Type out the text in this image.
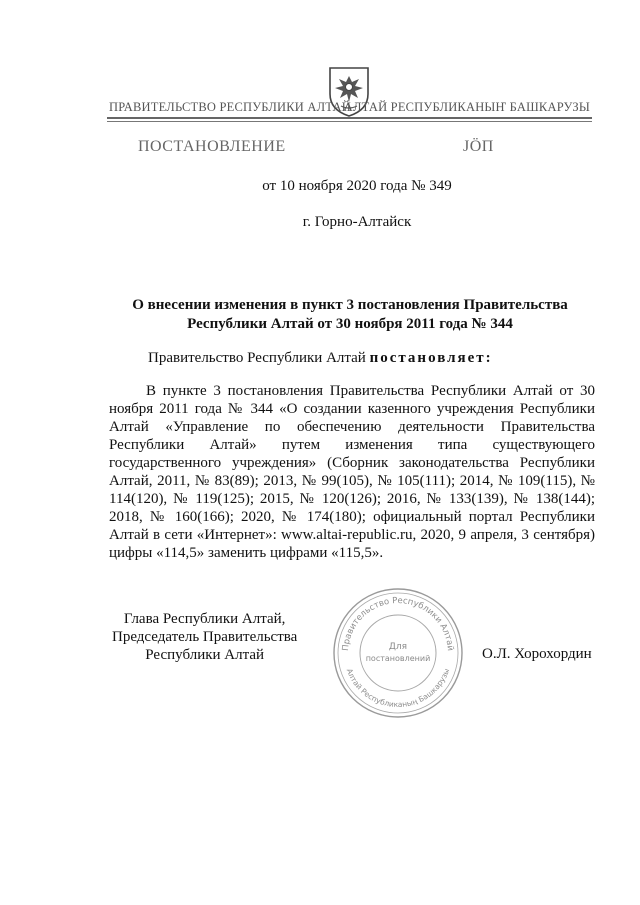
ПРАВИТЕЛЬСТВО РЕСПУБЛИКИ АЛТАЙ
АЛТАЙ РЕСПУБЛИКАНЫҤ БАШКАРУЗЫ
ПОСТАНОВЛЕНИЕ	ЈӦП
от 10 ноября 2020 года № 349
г. Горно-Алтайск
О внесении изменения в пункт 3 постановления Правительства
Республики Алтай от 30 ноября 2011 года № 344
Правительство Республики Алтай постановляет:
В пункте 3 постановления Правительства Республики Алтай от 30 ноября 2011 года № 344 «О создании казенного учреждения Республики Алтай «Управление по обеспечению деятельности Правительства Республики Алтай» путем изменения типа существующего государственного учреждения» (Сборник законодательства Республики Алтай, 2011, № 83(89); 2013, № 99(105), № 105(111); 2014, № 109(115), № 114(120), № 119(125); 2015, № 120(126); 2016, № 133(139), № 138(144); 2018, № 160(166); 2020, № 174(180); официальный портал Республики Алтай в сети «Интернет»: www.altai-republic.ru, 2020, 9 апреля, 3 сентября) цифры «114,5» заменить цифрами «115,5».
Глава Республики Алтай,
Председатель Правительства
Республики Алтай	Правительство Республики Алтай
Алтай Республиканың Башкарузы
Для
постановлений	О.Л. Хорохордин
